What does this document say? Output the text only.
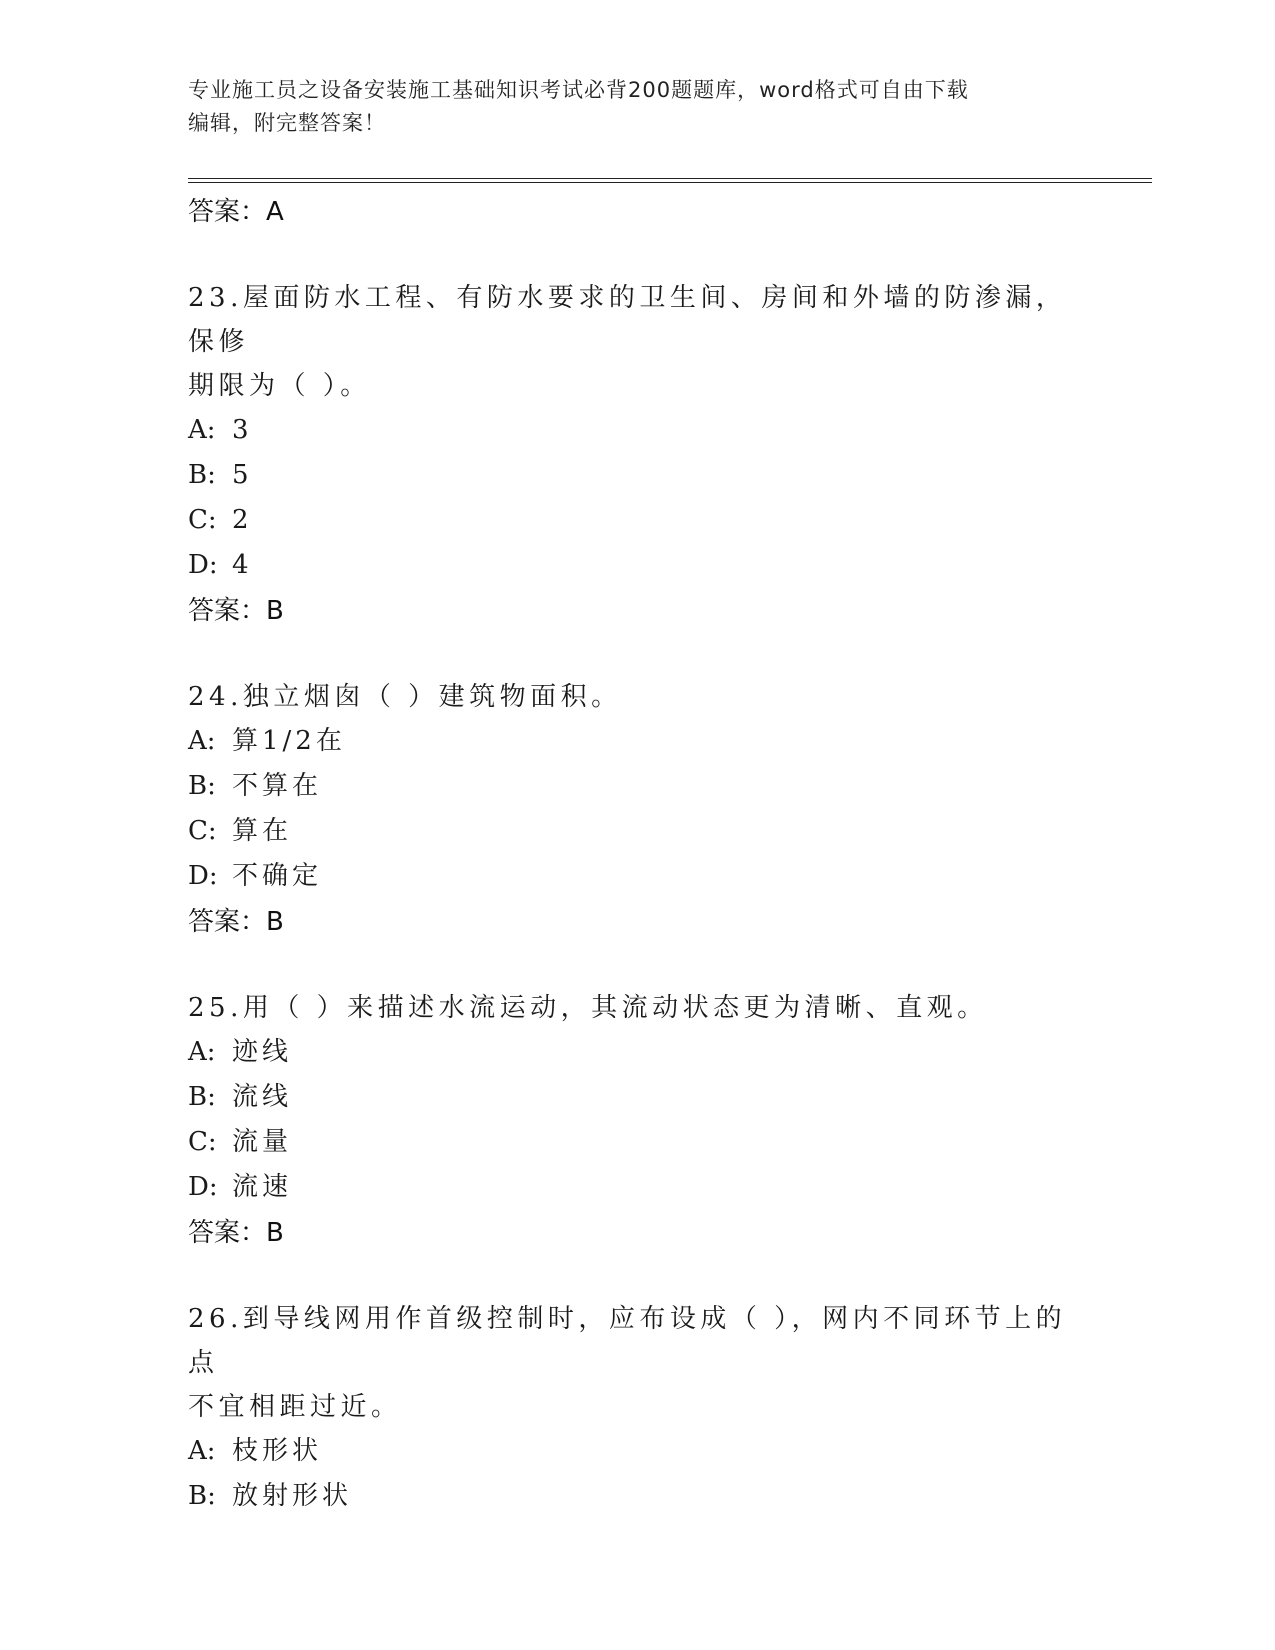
专业施工员之设备安装施工基础知识考试必背200题题库，word格式可自由下载
编辑，附完整答案！
答案：A
23.屋面防水工程、有防水要求的卫生间、房间和外墙的防渗漏，保修
期限为（ ）。
A: 3
B: 5
C: 2
D: 4
答案：B
24.独立烟囱（ ）建筑物面积。
A: 算1/2在
B: 不算在
C: 算在
D: 不确定
答案：B
25.用（ ）来描述水流运动，其流动状态更为清晰、直观。
A: 迹线
B: 流线
C: 流量
D: 流速
答案：B
26.到导线网用作首级控制时，应布设成（ ），网内不同环节上的点
不宜相距过近。
A: 枝形状
B: 放射形状
